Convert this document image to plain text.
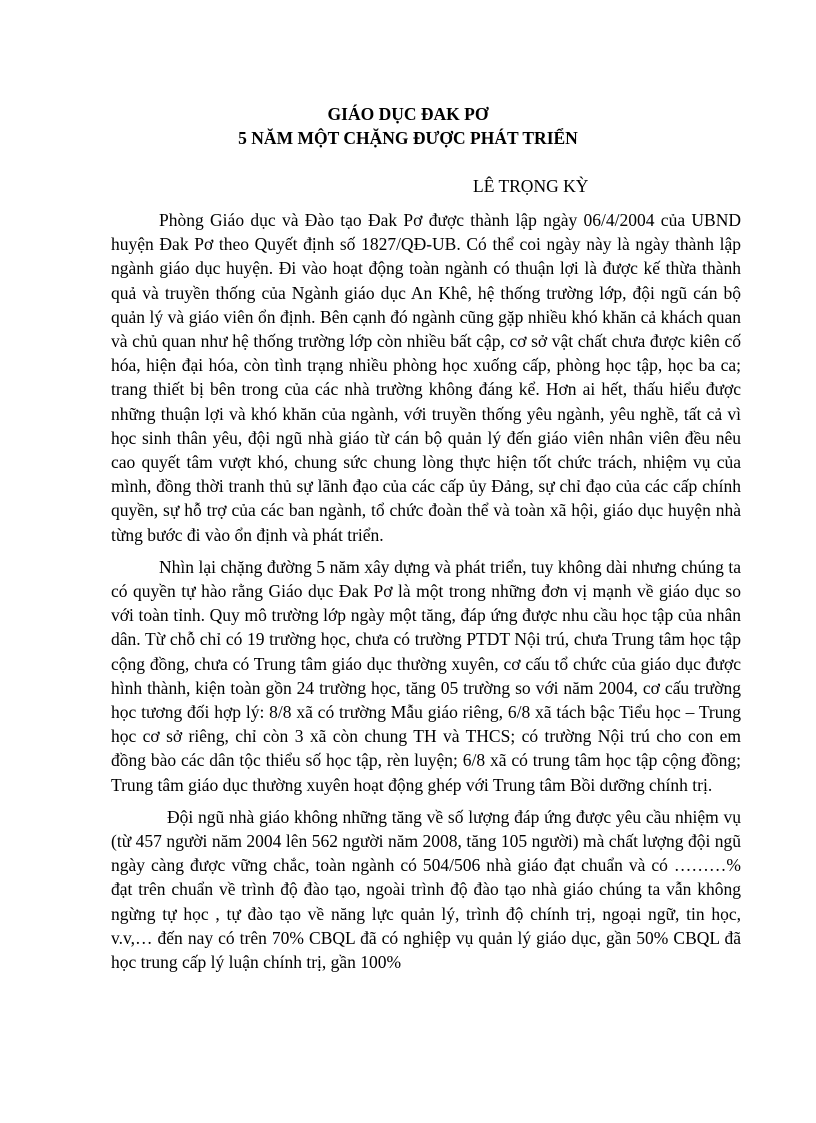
GIÁO DỤC ĐAK PƠ
5 NĂM MỘT CHẶNG ĐƯỢC PHÁT TRIỂN

LÊ TRỌNG KỲ

Phòng Giáo dục và Đào tạo Đak Pơ được thành lập ngày 06/4/2004 của UBND huyện Đak Pơ theo Quyết định số 1827/QĐ-UB. Có thể coi ngày này là ngày thành lập ngành giáo dục huyện. Đi vào hoạt động toàn ngành có thuận lợi là được kế thừa thành quả và truyền thống của Ngành giáo dục An Khê, hệ thống trường lớp, đội ngũ cán bộ quản lý và giáo viên ổn định. Bên cạnh đó ngành cũng gặp nhiều khó khăn cả khách quan và chủ quan như hệ thống trường lớp còn nhiều bất cập, cơ sở vật chất chưa được kiên cố hóa, hiện đại hóa, còn tình trạng nhiều phòng học xuống cấp, phòng học tập, học ba ca; trang thiết bị bên trong của các nhà trường không đáng kể. Hơn ai hết, thấu hiểu được những thuận lợi và khó khăn của ngành, với truyền thống yêu ngành, yêu nghề, tất cả vì học sinh thân yêu, đội ngũ nhà giáo từ cán bộ quản lý đến giáo viên nhân viên đều nêu cao quyết tâm vượt khó, chung sức chung lòng thực hiện tốt chức trách, nhiệm vụ của mình, đồng thời tranh thủ sự lãnh đạo của các cấp ủy Đảng, sự chỉ đạo của các cấp chính quyền, sự hỗ trợ của các ban ngành, tổ chức đoàn thể và toàn xã hội, giáo dục huyện nhà từng bước đi vào ổn định và phát triển.

Nhìn lại chặng đường 5 năm xây dựng và phát triển, tuy không dài nhưng chúng ta có quyền tự hào rằng Giáo dục Đak Pơ là một trong những đơn vị mạnh về giáo dục so với toàn tỉnh. Quy mô trường lớp ngày một tăng, đáp ứng được nhu cầu học tập của nhân dân. Từ chỗ chỉ có 19 trường học, chưa có trường PTDT Nội trú, chưa Trung tâm học tập cộng đồng, chưa có Trung tâm giáo dục thường xuyên, cơ cấu tổ chức của giáo dục được hình thành, kiện toàn gồn 24 trường học, tăng 05 trường so với năm 2004, cơ cấu trường học tương đối hợp lý: 8/8 xã có trường Mẫu giáo riêng, 6/8 xã tách bậc Tiểu học – Trung học cơ sở riêng, chỉ còn 3 xã còn chung TH và THCS; có trường Nội trú cho con em đồng bào các dân tộc thiểu số học tập, rèn luyện; 6/8 xã có trung tâm học tập cộng đồng; Trung tâm giáo dục thường xuyên hoạt động ghép với Trung tâm Bồi dưỡng chính trị.

Đội ngũ nhà giáo không những tăng về số lượng đáp ứng được yêu cầu nhiệm vụ (từ 457 người năm 2004 lên 562 người năm 2008, tăng 105 người) mà chất lượng đội ngũ ngày càng được vững chắc, toàn ngành có 504/506 nhà giáo đạt chuẩn và có ………% đạt trên chuẩn về trình độ đào tạo, ngoài trình độ đào tạo nhà giáo chúng ta vẫn không ngừng tự học , tự đào tạo về năng lực quản lý, trình độ chính trị, ngoại ngữ, tin học, v.v,… đến nay có trên 70% CBQL đã có nghiệp vụ quản lý giáo dục, gần 50% CBQL đã học trung cấp lý luận chính trị, gần 100%
